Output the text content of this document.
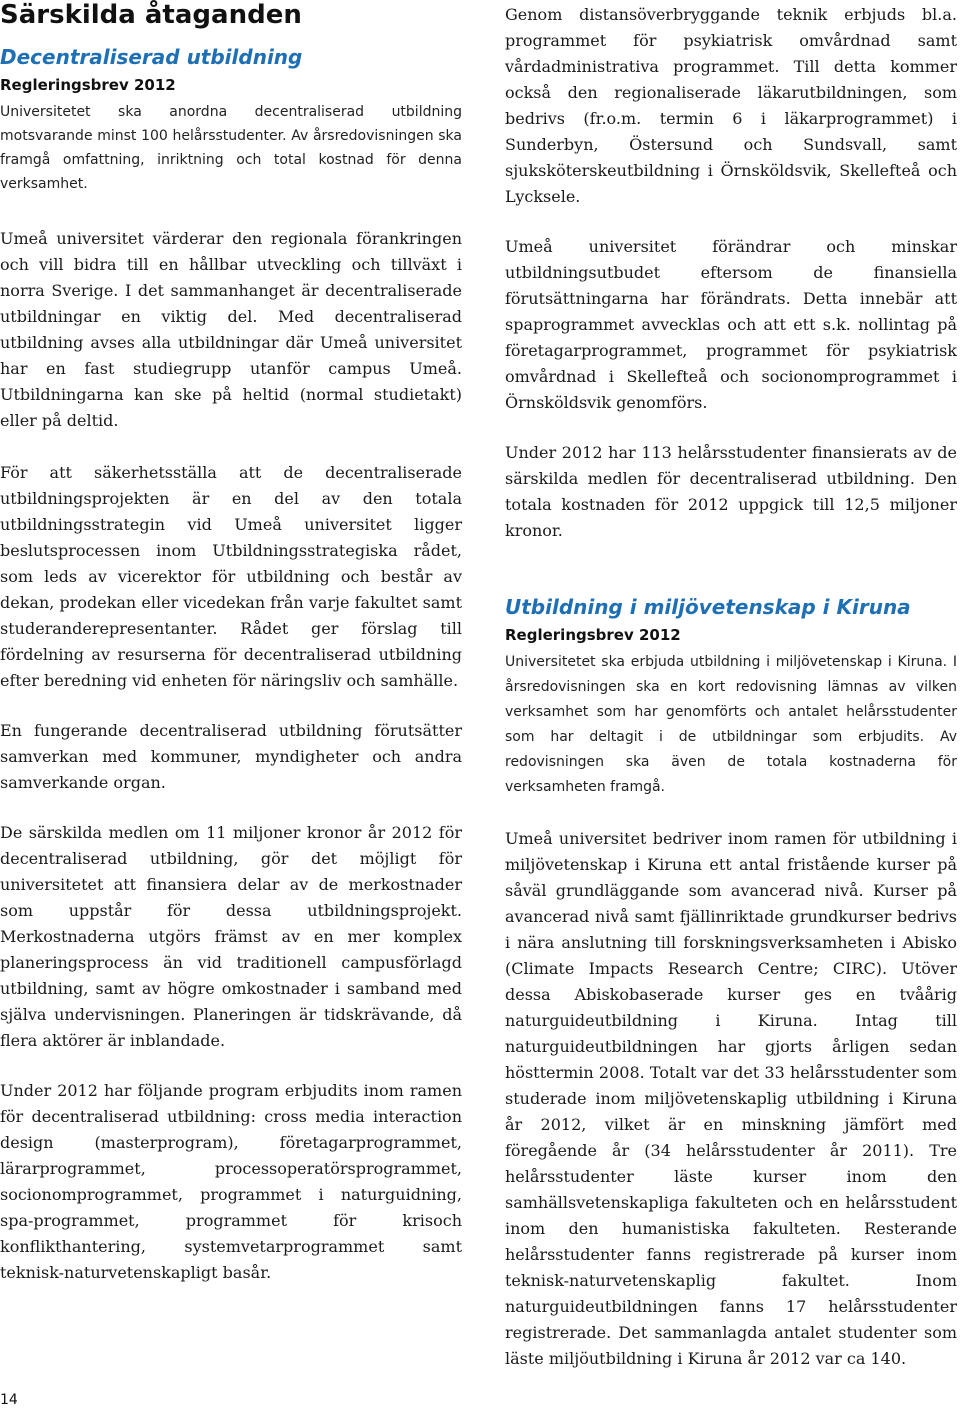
Särskilda åtaganden
Decentraliserad utbildning
Regleringsbrev 2012

Universitetet ska anordna decentraliserad utbildning motsvarande minst 100 helårsstudenter. Av årsredovisningen ska framgå omfattning, inriktning och total kostnad för denna verksamhet.

Umeå universitet värderar den regionala förankringen och vill bidra till en hållbar utveckling och tillväxt i norra Sverige. I det sammanhanget är decentraliserade utbildningar en viktig del. Med decentraliserad utbildning avses alla utbildningar där Umeå universitet har en fast studiegrupp utanför campus Umeå. Utbildningarna kan ske på heltid (normal studietakt) eller på deltid.

För att säkerhetsställa att de decentraliserade utbildningsprojekten är en del av den totala utbildningsstrategin vid Umeå universitet ligger beslutsprocessen inom Utbildningsstrategiska rådet, som leds av vicerektor för utbildning och består av dekan, prodekan eller vicedekan från varje fakultet samt studeranderepresentanter. Rådet ger förslag till fördelning av resurserna för decentraliserad utbildning efter beredning vid enheten för näringsliv och samhälle.

En fungerande decentraliserad utbildning förutsätter samverkan med kommuner, myndigheter och andra samverkande organ.

De särskilda medlen om 11 miljoner kronor år 2012 för decentraliserad utbildning, gör det möjligt för universitetet att finansiera delar av de merkostnader som uppstår för dessa utbildningsprojekt. Merkostnaderna utgörs främst av en mer komplex planeringsprocess än vid traditionell campusförlagd utbildning, samt av högre omkostnader i samband med själva undervisningen. Planeringen är tidskrävande, då flera aktörer är inblandade.

Under 2012 har följande program erbjudits inom ramen för decentraliserad utbildning: cross media interaction design (masterprogram), företagarprogrammet, lärarprogrammet, processoperatörsprogrammet, socionomprogrammet, programmet i naturguidning, spa-programmet, programmet för krisoch konflikthantering, systemvetarprogrammet samt teknisk-naturvetenskapligt basår.

Genom distansöverbryggande teknik erbjuds bl.a. programmet för psykiatrisk omvårdnad samt vårdadministrativa programmet. Till detta kommer också den regionaliserade läkarutbildningen, som bedrivs (fr.o.m. termin 6 i läkarprogrammet) i Sunderbyn, Östersund och Sundsvall, samt sjuksköterskeutbildning i Örnsköldsvik, Skellefteå och Lycksele.

Umeå universitet förändrar och minskar utbildningsutbudet eftersom de finansiella förutsättningarna har förändrats. Detta innebär att spaprogrammet avvecklas och att ett s.k. nollintag på företagarprogrammet, programmet för psykiatrisk omvårdnad i Skellefteå och socionomprogrammet i Örnsköldsvik genomförs.

Under 2012 har 113 helårsstudenter finansierats av de särskilda medlen för decentraliserad utbildning. Den totala kostnaden för 2012 uppgick till 12,5 miljoner kronor.

Utbildning i miljövetenskap i Kiruna
Regleringsbrev 2012

Universitetet ska erbjuda utbildning i miljövetenskap i Kiruna. I årsredovisningen ska en kort redovisning lämnas av vilken verksamhet som har genomförts och antalet helårsstudenter som har deltagit i de utbildningar som erbjudits. Av redovisningen ska även de totala kostnaderna för verksamheten framgå.

Umeå universitet bedriver inom ramen för utbildning i miljövetenskap i Kiruna ett antal fristående kurser på såväl grundläggande som avancerad nivå. Kurser på avancerad nivå samt fjällinriktade grundkurser bedrivs i nära anslutning till forskningsverksamheten i Abisko (Climate Impacts Research Centre; CIRC). Utöver dessa Abiskobaserade kurser ges en tvåårig naturguideutbildning i Kiruna. Intag till naturguideutbildningen har gjorts årligen sedan hösttermin 2008. Totalt var det 33 helårsstudenter som studerade inom miljövetenskaplig utbildning i Kiruna år 2012, vilket är en minskning jämfört med föregående år (34 helårsstudenter år 2011). Tre helårsstudenter läste kurser inom den samhällsvetenskapliga fakulteten och en helårsstudent inom den humanistiska fakulteten. Resterande helårsstudenter fanns registrerade på kurser inom teknisk-naturvetenskaplig fakultet. Inom naturguideutbildningen fanns 17 helårsstudenter registrerade. Det sammanlagda antalet studenter som läste miljöutbildning i Kiruna år 2012 var ca 140.

14
